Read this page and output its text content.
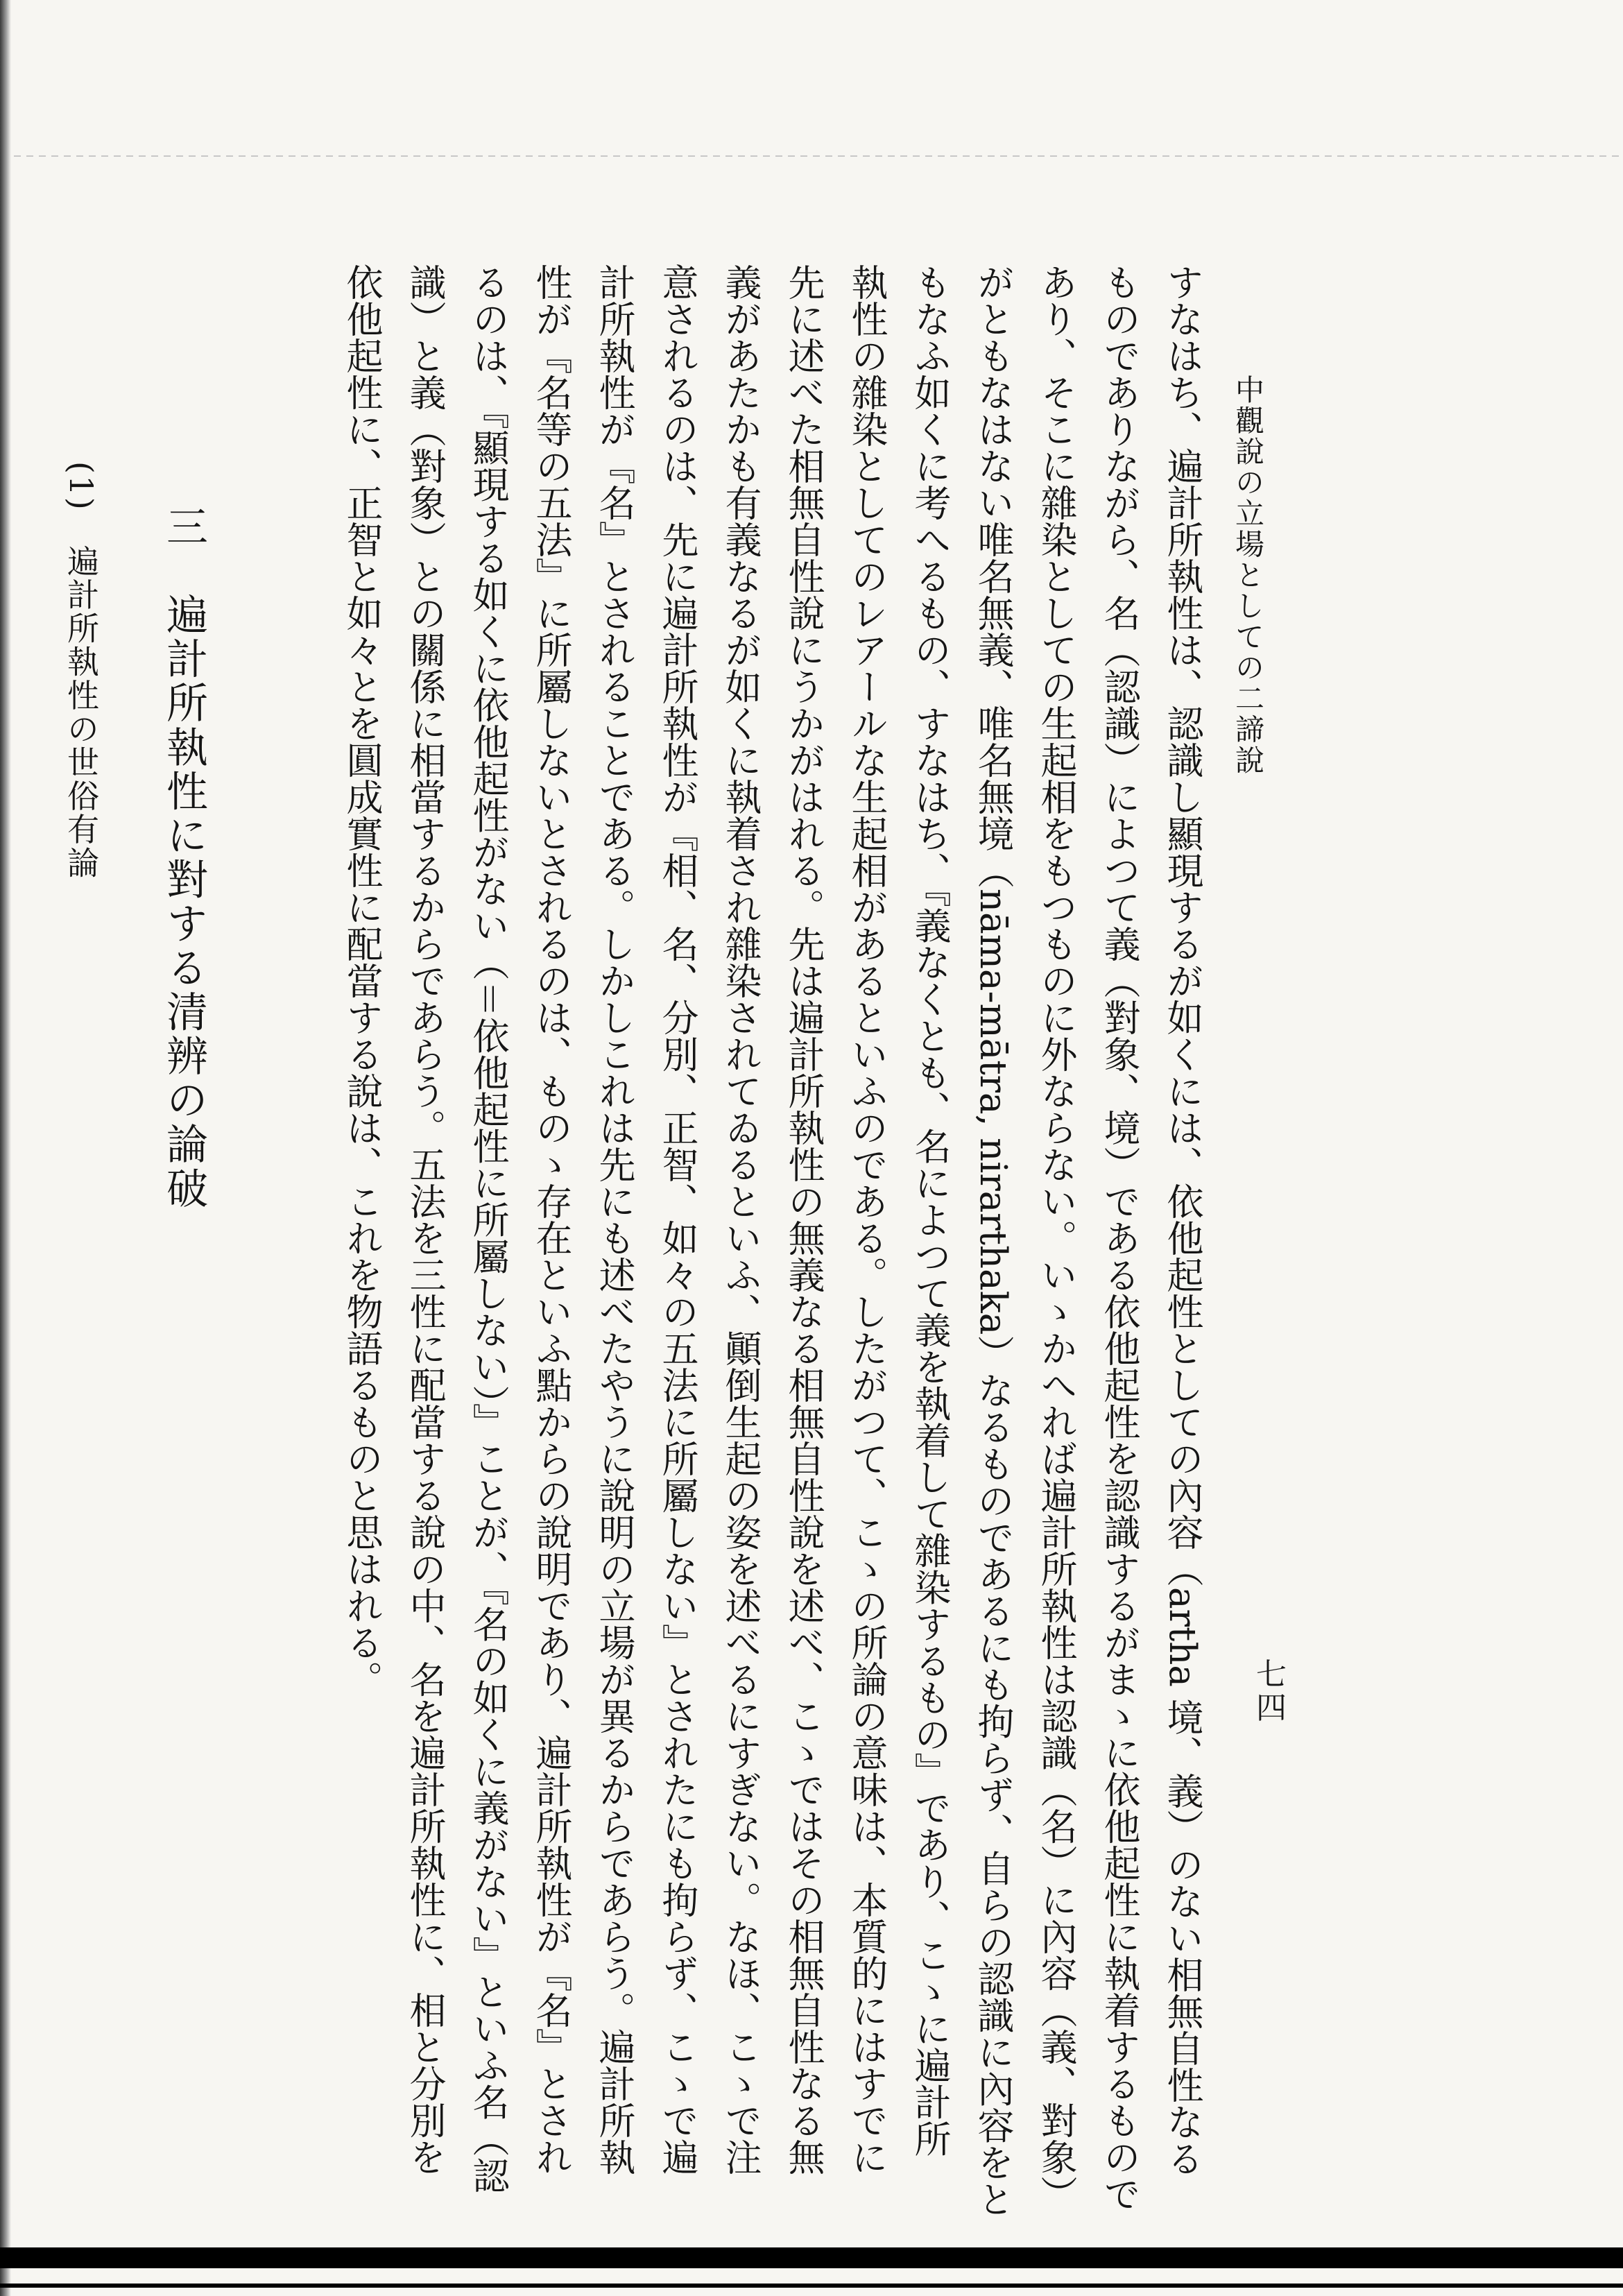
中觀說の立場としての二諦說
七四

すなはち、遍計所執性は、認識し顯現するが如くには、依他起性としての內容（artha 境、義）のない相無自性なる

ものでありながら、名（認識）によつて義（對象、境）である依他起性を認識するがまゝに依他起性に執着するもので

あり、そこに雜染としての生起相をもつものに外ならない。いゝかへれば遍計所執性は認識（名）に內容（義、對象）

がともなはない唯名無義、唯名無境（nāma-mātra, nirarthaka）なるものであるにも拘らず、自らの認識に內容をと

もなふ如くに考へるもの、すなはち、『義なくとも、名によつて義を執着して雜染するもの』であり、こゝに遍計所

執性の雜染としてのレアールな生起相があるといふのである。したがつて、こゝの所論の意味は、本質的にはすでに

先に述べた相無自性說にうかがはれる。先は遍計所執性の無義なる相無自性說を述べ、こゝではその相無自性なる無

義があたかも有義なるが如くに執着され雜染されてゐるといふ、顚倒生起の姿を述べるにすぎない。なほ、こゝで注

意されるのは、先に遍計所執性が『相、名、分別、正智、如々の五法に所屬しない』とされたにも拘らず、こゝで遍

計所執性が『名』とされることである。しかしこれは先にも述べたやうに說明の立場が異るからであらう。遍計所執

性が『名等の五法』に所屬しないとされるのは、ものゝ存在といふ點からの說明であり、遍計所執性が『名』とされ

るのは、『顯現する如くに依他起性がない（＝依他起性に所屬しない）』ことが、『名の如くに義がない』といふ名（認

識）と義（對象）との關係に相當するからであらう。五法を三性に配當する說の中、名を遍計所執性に、相と分別を

依他起性に、正智と如々とを圓成實性に配當する說は、これを物語るものと思はれる。

三　遍計所執性に對する清辨の論破
(1)　遍計所執性の世俗有論
